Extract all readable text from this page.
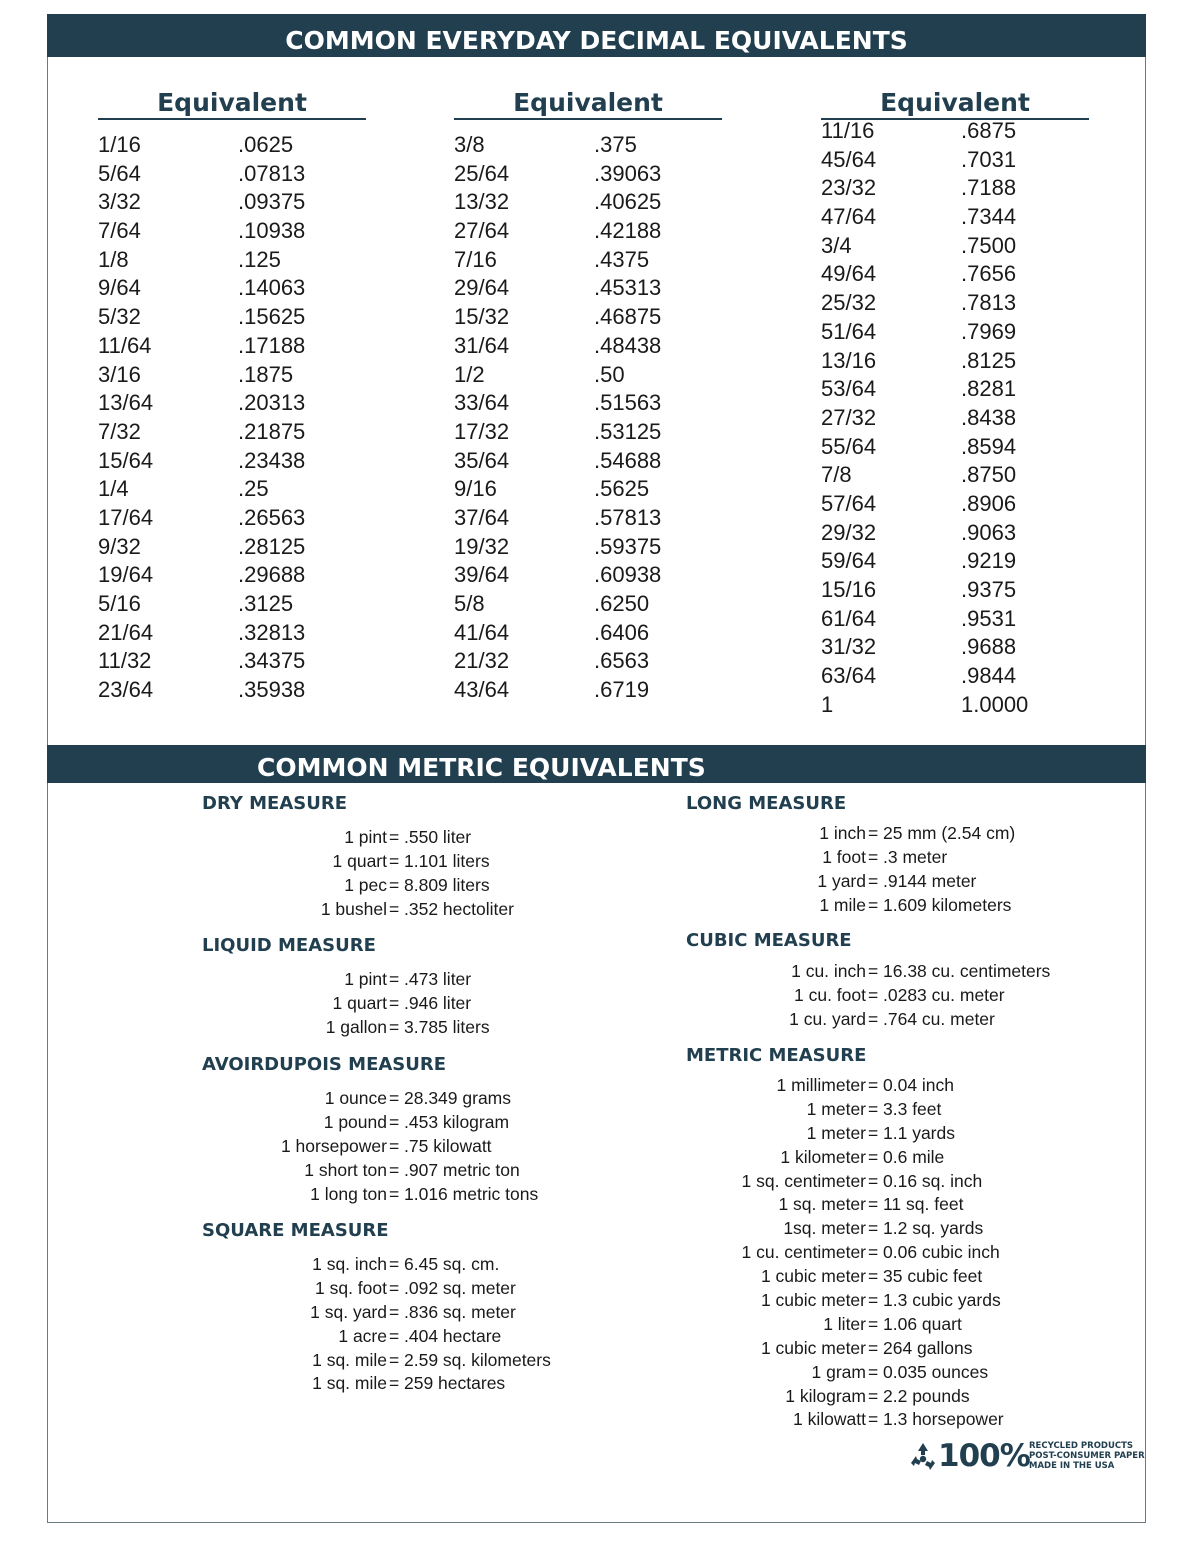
COMMON EVERYDAY DECIMAL EQUIVALENTS
Equivalent
1/16	.0625
5/64	.07813
3/32	.09375
7/64	.10938
1/8	.125
9/64	.14063
5/32	.15625
11/64	.17188
3/16	.1875
13/64	.20313
7/32	.21875
15/64	.23438
1/4	.25
17/64	.26563
9/32	.28125
19/64	.29688
5/16	.3125
21/64	.32813
11/32	.34375
23/64	.35938
Equivalent
3/8	.375
25/64	.39063
13/32	.40625
27/64	.42188
7/16	.4375
29/64	.45313
15/32	.46875
31/64	.48438
1/2	.50
33/64	.51563
17/32	.53125
35/64	.54688
9/16	.5625
37/64	.57813
19/32	.59375
39/64	.60938
5/8	.6250
41/64	.6406
21/32	.6563
43/64	.6719
Equivalent
11/16	.6875
45/64	.7031
23/32	.7188
47/64	.7344
3/4	.7500
49/64	.7656
25/32	.7813
51/64	.7969
13/16	.8125
53/64	.8281
27/32	.8438
55/64	.8594
7/8	.8750
57/64	.8906
29/32	.9063
59/64	.9219
15/16	.9375
61/64	.9531
31/32	.9688
63/64	.9844
1	1.0000
COMMON METRIC EQUIVALENTS
DRY MEASURE
1 pint = .550 liter
1 quart = 1.101 liters
1 pec = 8.809 liters
1 bushel = .352 hectoliter
LIQUID MEASURE
1 pint = .473 liter
1 quart = .946 liter
1 gallon = 3.785 liters
AVOIRDUPOIS MEASURE
1 ounce = 28.349 grams
1 pound = .453 kilogram
1 horsepower = .75 kilowatt
1 short ton = .907 metric ton
1 long ton = 1.016 metric tons
SQUARE MEASURE
1 sq. inch = 6.45 sq. cm.
1 sq. foot = .092 sq. meter
1 sq. yard = .836 sq. meter
1 acre = .404 hectare
1 sq. mile = 2.59 sq. kilometers
1 sq. mile = 259 hectares
LONG MEASURE
1 inch = 25 mm (2.54 cm)
1 foot = .3 meter
1 yard = .9144 meter
1 mile = 1.609 kilometers
CUBIC MEASURE
1 cu. inch = 16.38 cu. centimeters
1 cu. foot = .0283 cu. meter
1 cu. yard = .764 cu. meter
METRIC MEASURE
1 millimeter = 0.04 inch
1 meter = 3.3 feet
1 meter = 1.1 yards
1 kilometer = 0.6 mile
1 sq. centimeter = 0.16 sq. inch
1 sq. meter = 11 sq. feet
1sq. meter = 1.2 sq. yards
1 cu. centimeter = 0.06 cubic inch
1 cubic meter = 35 cubic feet
1 cubic meter = 1.3 cubic yards
1 liter = 1.06 quart
1 cubic meter = 264 gallons
1 gram = 0.035 ounces
1 kilogram = 2.2 pounds
1 kilowatt = 1.3 horsepower
100% RECYCLED PRODUCTS
POST-CONSUMER PAPER
MADE IN THE USA
